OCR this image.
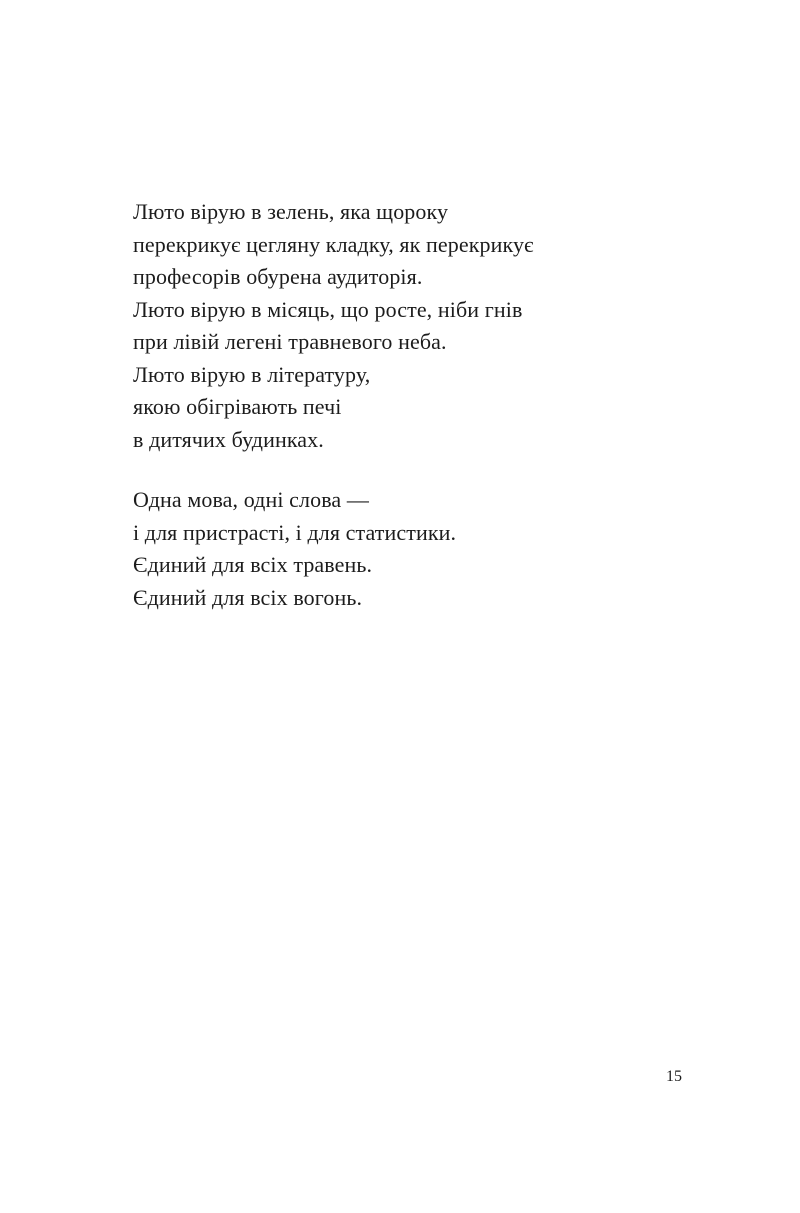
Люто вірую в зелень, яка щороку
перекрикує цеглянy кладку, як перекрикує
професорів обурена аудиторія.
Люто вірую в місяць, що росте, ніби гнів
при лівій легені травневого неба.
Люто вірую в літературу,
якою обігрівають печі
в дитячих будинках.
Одна мова, одні слова —
і для пристрасті, і для статистики.
Єдиний для всіх травень.
Єдиний для всіх вогонь.
15
